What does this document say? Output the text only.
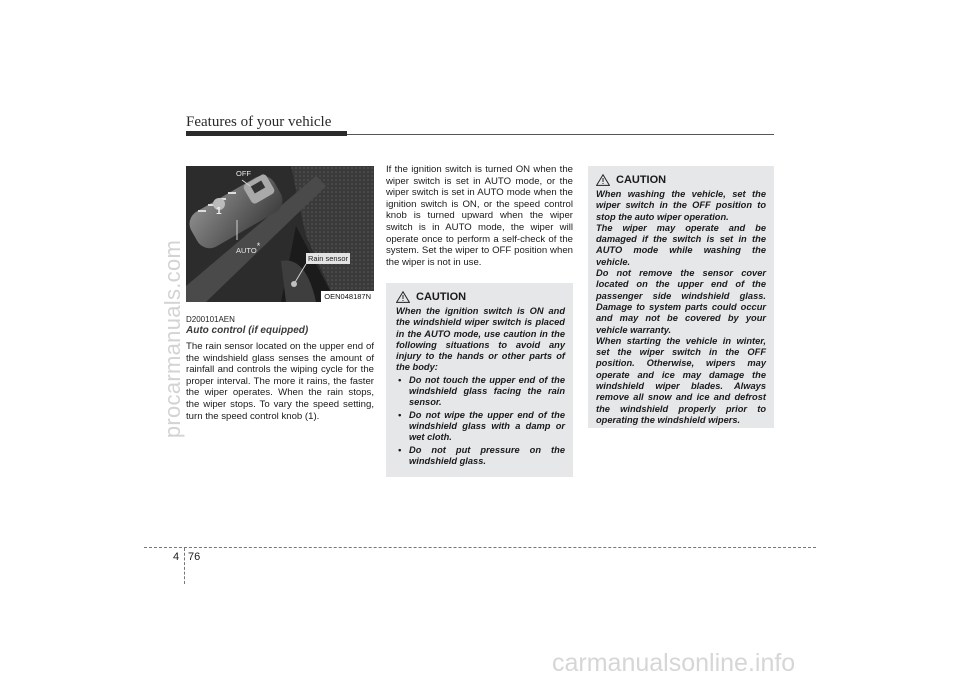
Features of your vehicle
procarmanuals.com
carmanualsonline.info
OFF
1
AUTO*
Rain sensor
OEN048187N
D200101AEN
Auto control (if equipped)
The rain sensor located on the upper end of the windshield glass senses the amount of rainfall and controls the wiping cycle for the proper interval. The more it rains, the faster the wiper operates. When the rain stops, the wiper stops. To vary the speed setting, turn the speed control knob (1).
If the ignition switch is turned ON when the wiper switch is set in AUTO mode, or the wiper switch is set in AUTO mode when the ignition switch is ON, or the speed control knob is turned upward when the wiper switch is in AUTO mode, the wiper will operate once to perform a self-check of the system. Set the wiper to OFF position when the wiper is not in use.
CAUTION
When the ignition switch is ON and the windshield wiper switch is placed in the AUTO mode, use caution in the following situations to avoid any injury to the hands or other parts of the body:
• Do not touch the upper end of the windshield glass facing the rain sensor.
• Do not wipe the upper end of the windshield glass with a damp or wet cloth.
• Do not put pressure on the windshield glass.
CAUTION
When washing the vehicle, set the wiper switch in the OFF position to stop the auto wiper operation.
The wiper may operate and be damaged if the switch is set in the AUTO mode while washing the vehicle.
Do not remove the sensor cover located on the upper end of the passenger side windshield glass. Damage to system parts could occur and may not be covered by your vehicle warranty.
When starting the vehicle in winter, set the wiper switch in the OFF position. Otherwise, wipers may operate and ice may damage the windshield wiper blades. Always remove all snow and ice and defrost the windshield properly prior to operating the windshield wipers.
4 76
